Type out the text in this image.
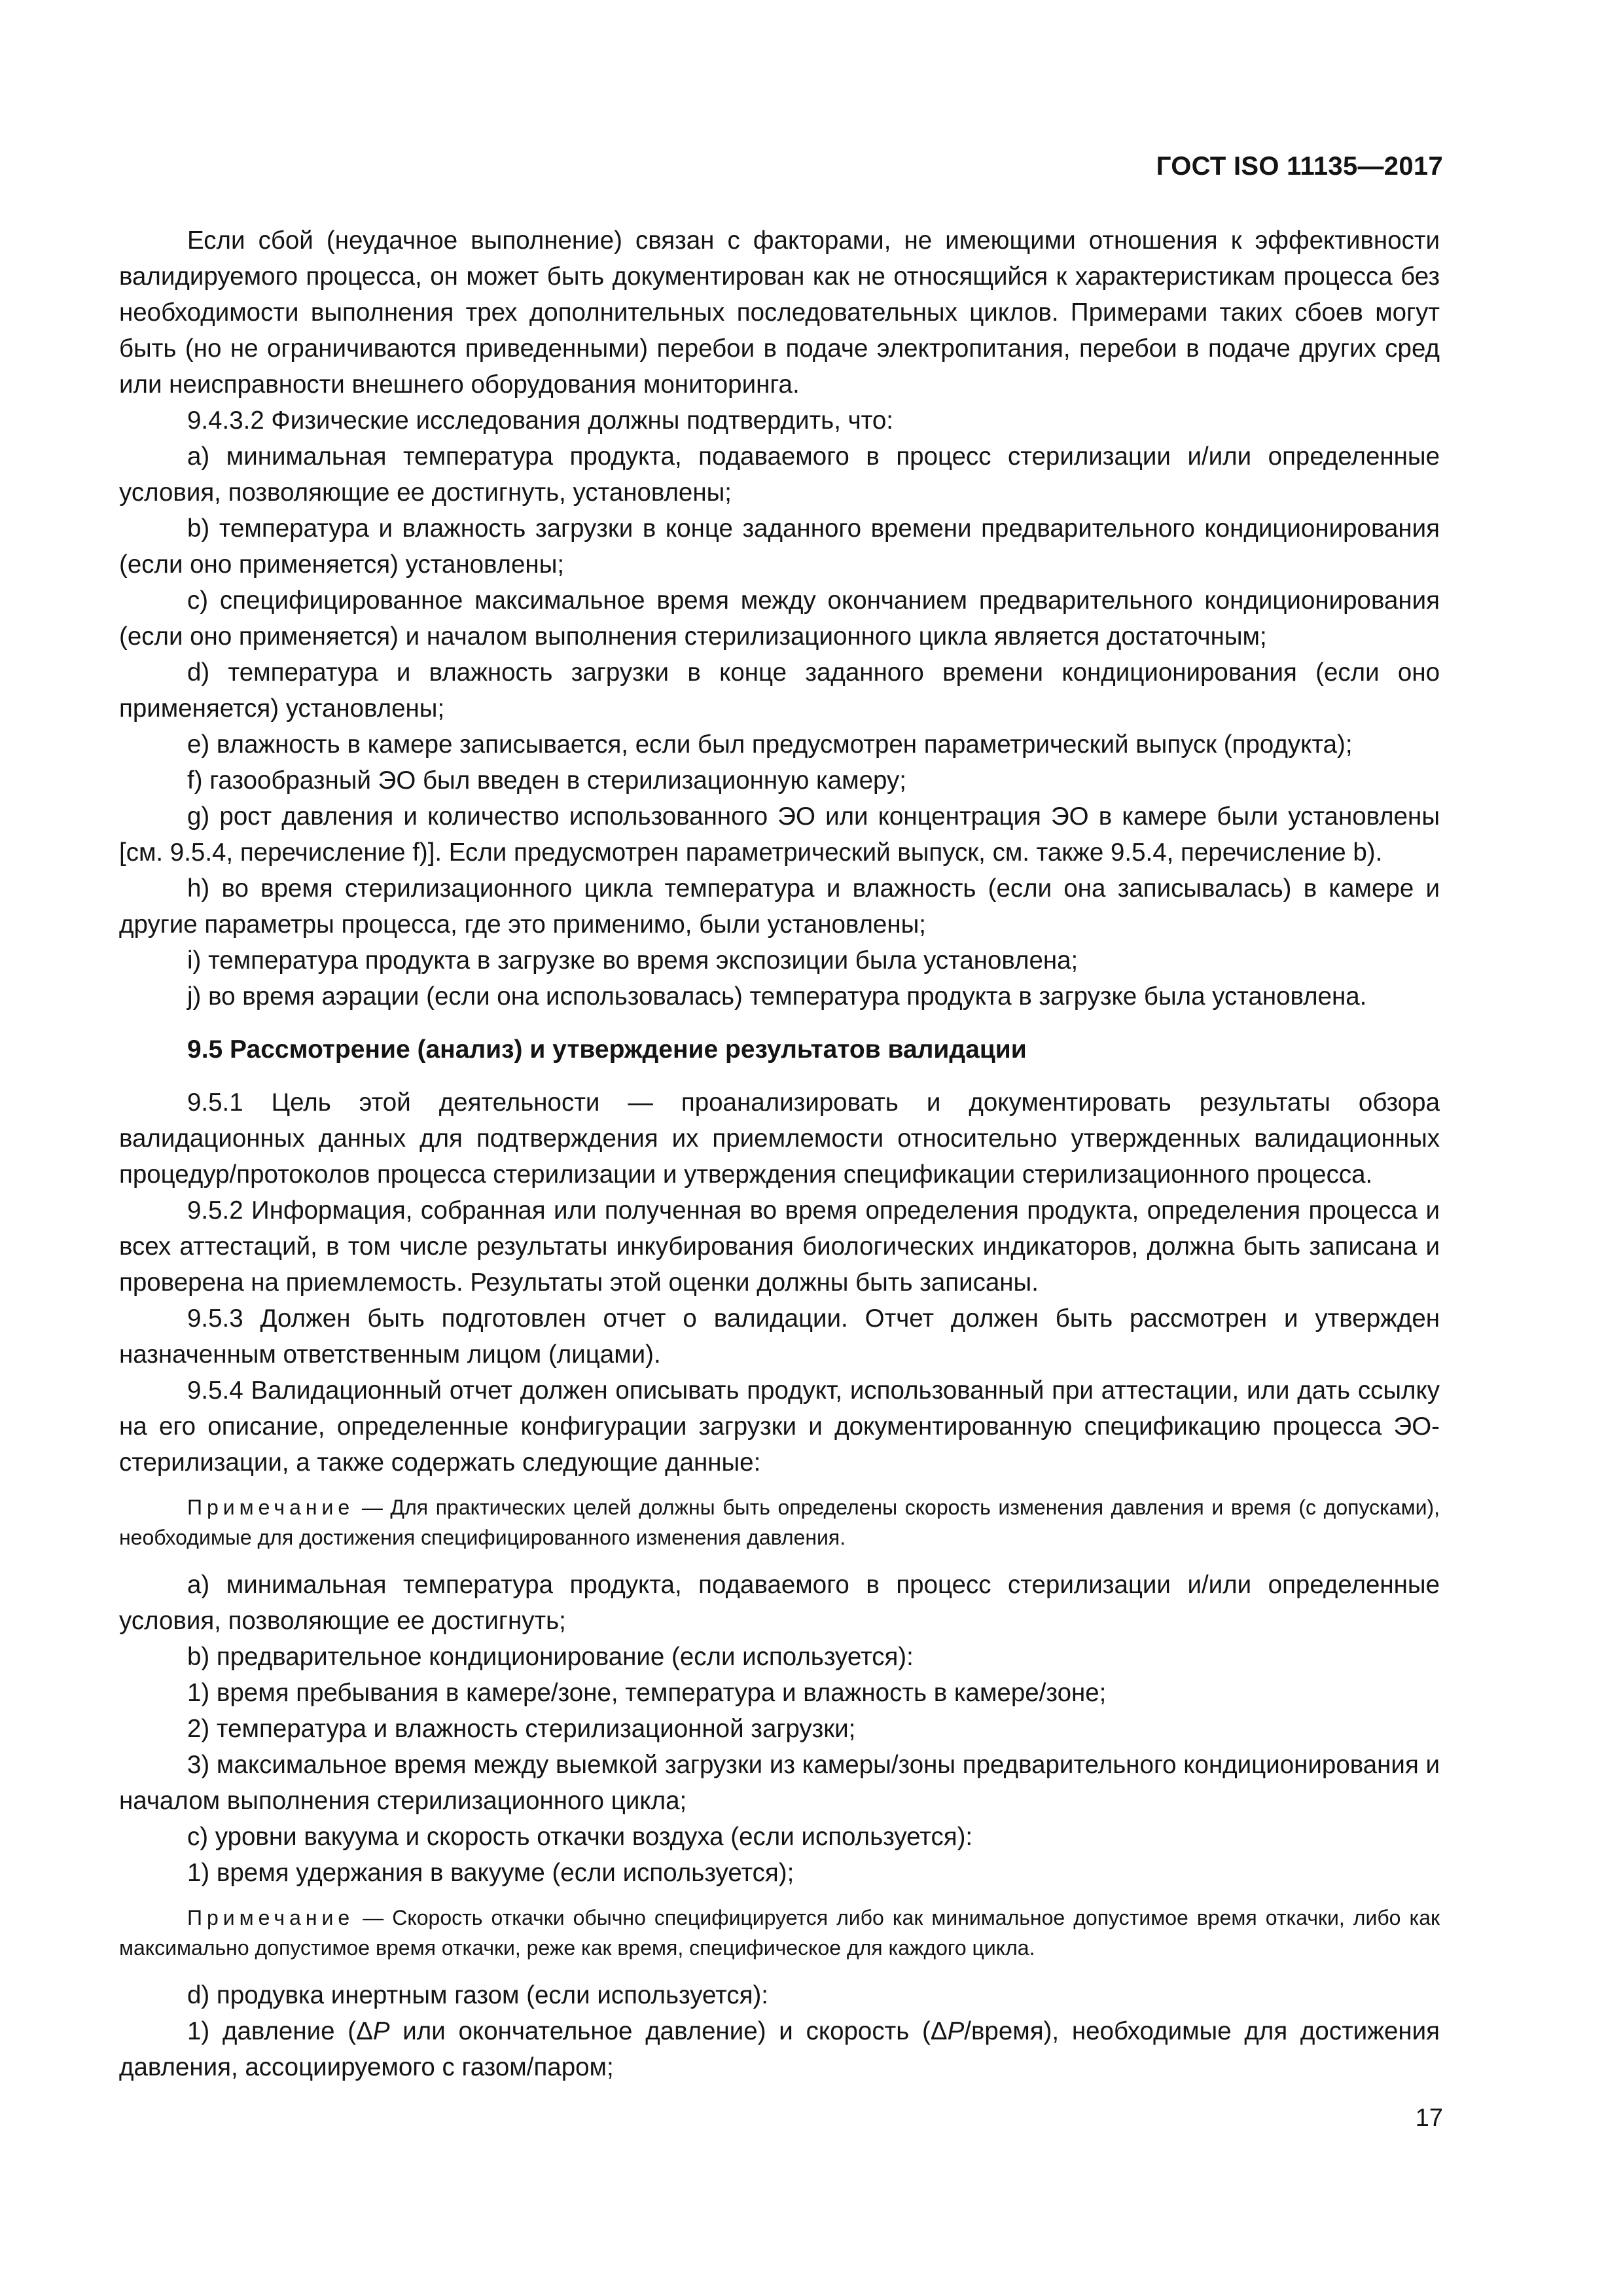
ГОСТ ISO 11135—2017

Если сбой (неудачное выполнение) связан с факторами, не имеющими отношения к эффективности валидируемого процесса, он может быть документирован как не относящийся к характеристикам процесса без необходимости выполнения трех дополнительных последовательных циклов. Примерами таких сбоев могут быть (но не ограничиваются приведенными) перебои в подаче электропитания, перебои в подаче других сред или неисправности внешнего оборудования мониторинга.

9.4.3.2 Физические исследования должны подтвердить, что:

а) минимальная температура продукта, подаваемого в процесс стерилизации и/или определенные условия, позволяющие ее достигнуть, установлены;

b) температура и влажность загрузки в конце заданного времени предварительного кондиционирования (если оно применяется) установлены;

с) специфицированное максимальное время между окончанием предварительного кондиционирования (если оно применяется) и началом выполнения стерилизационного цикла является достаточным;

d) температура и влажность загрузки в конце заданного времени кондиционирования (если оно применяется) установлены;

е) влажность в камере записывается, если был предусмотрен параметрический выпуск (продукта);

f) газообразный ЭО был введен в стерилизационную камеру;

g) рост давления и количество использованного ЭО или концентрация ЭО в камере были установлены [см. 9.5.4, перечисление f)]. Если предусмотрен параметрический выпуск, см. также 9.5.4, перечисление b).

h) во время стерилизационного цикла температура и влажность (если она записывалась) в камере и другие параметры процесса, где это применимо, были установлены;

i) температура продукта в загрузке во время экспозиции была установлена;

j) во время аэрации (если она использовалась) температура продукта в загрузке была установлена.

9.5 Рассмотрение (анализ) и утверждение результатов валидации

9.5.1 Цель этой деятельности — проанализировать и документировать результаты обзора валидационных данных для подтверждения их приемлемости относительно утвержденных валидационных процедур/протоколов процесса стерилизации и утверждения спецификации стерилизационного процесса.

9.5.2 Информация, собранная или полученная во время определения продукта, определения процесса и всех аттестаций, в том числе результаты инкубирования биологических индикаторов, должна быть записана и проверена на приемлемость. Результаты этой оценки должны быть записаны.

9.5.3 Должен быть подготовлен отчет о валидации. Отчет должен быть рассмотрен и утвержден назначенным ответственным лицом (лицами).

9.5.4 Валидационный отчет должен описывать продукт, использованный при аттестации, или дать ссылку на его описание, определенные конфигурации загрузки и документированную спецификацию процесса ЭО-стерилизации, а также содержать следующие данные:

Примечание — Для практических целей должны быть определены скорость изменения давления и время (с допусками), необходимые для достижения специфицированного изменения давления.

а) минимальная температура продукта, подаваемого в процесс стерилизации и/или определенные условия, позволяющие ее достигнуть;

b) предварительное кондиционирование (если используется):

1) время пребывания в камере/зоне, температура и влажность в камере/зоне;

2) температура и влажность стерилизационной загрузки;

3) максимальное время между выемкой загрузки из камеры/зоны предварительного кондиционирования и началом выполнения стерилизационного цикла;

с) уровни вакуума и скорость откачки воздуха (если используется):

1) время удержания в вакууме (если используется);

Примечание — Скорость откачки обычно специфицируется либо как минимальное допустимое время откачки, либо как максимально допустимое время откачки, реже как время, специфическое для каждого цикла.

d) продувка инертным газом (если используется):

1) давление (ΔP или окончательное давление) и скорость (ΔP/время), необходимые для достижения давления, ассоциируемого с газом/паром;

17
